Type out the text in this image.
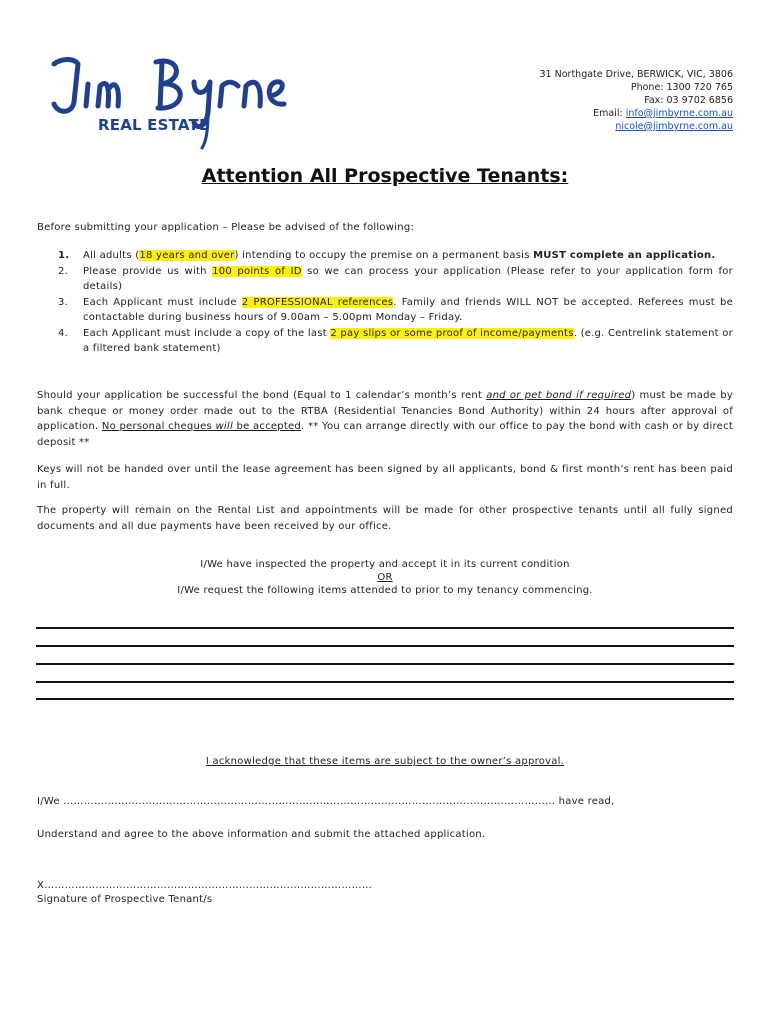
REAL ESTATE
31 Northgate Drive, BERWICK, VIC, 3806
Phone: 1300 720 765
Fax: 03 9702 6856
Email: info@jimbyrne.com.au
nicole@jimbyrne.com.au
Attention All Prospective Tenants:
Before submitting your application – Please be advised of the following:
1. All adults (18 years and over) intending to occupy the premise on a permanent basis MUST complete an application.
2. Please provide us with 100 points of ID so we can process your application (Please refer to your application form for details)
3. Each Applicant must include 2 PROFESSIONAL references. Family and friends WILL NOT be accepted. Referees must be contactable during business hours of 9.00am – 5.00pm Monday – Friday.
4. Each Applicant must include a copy of the last 2 pay slips or some proof of income/payments. (e.g. Centrelink statement or a filtered bank statement)
Should your application be successful the bond (Equal to 1 calendar’s month’s rent and or pet bond if required) must be made by bank cheque or money order made out to the RTBA (Residential Tenancies Bond Authority) within 24 hours after approval of application. No personal cheques will be accepted. ** You can arrange directly with our office to pay the bond with cash or by direct deposit **
Keys will not be handed over until the lease agreement has been signed by all applicants, bond & first month’s rent has been paid in full.
The property will remain on the Rental List and appointments will be made for other prospective tenants until all fully signed documents and all due payments have been received by our office.
I/We have inspected the property and accept it in its current condition
OR
I/We request the following items attended to prior to my tenancy commencing.
I acknowledge that these items are subject to the owner’s approval.
I/We ……………………………………………………………………………………………………………………………… have read,
Understand and agree to the above information and submit the attached application.
X……………………………………………………………………………………
Signature of Prospective Tenant/s
